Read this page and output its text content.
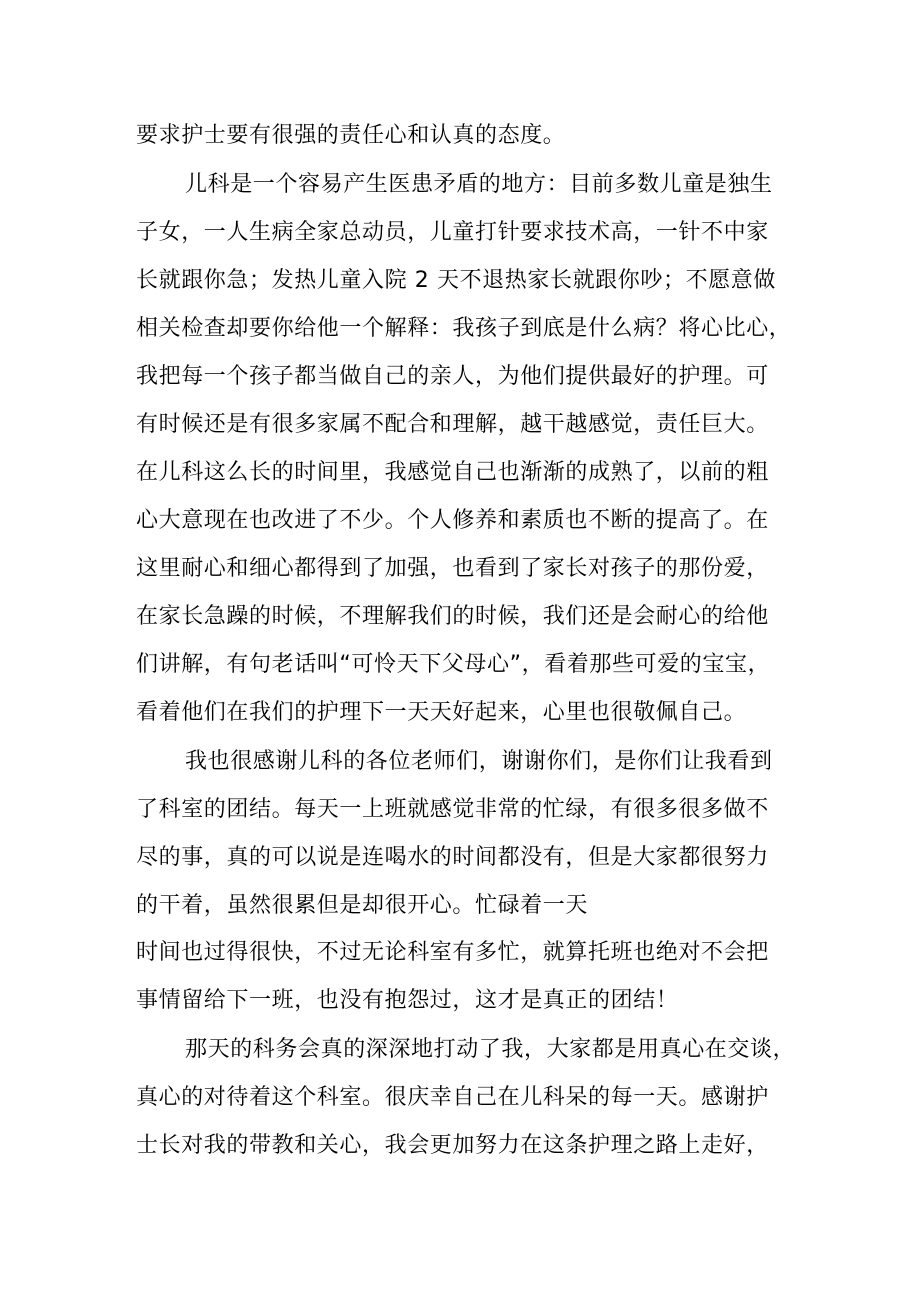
要求护士要有很强的责任心和认真的态度。
儿科是一个容易产生医患矛盾的地方：目前多数儿童是独生
子女，一人生病全家总动员，儿童打针要求技术高，一针不中家
长就跟你急；发热儿童入院 2 天不退热家长就跟你吵；不愿意做
相关检查却要你给他一个解释：我孩子到底是什么病？将心比心，
我把每一个孩子都当做自己的亲人，为他们提供最好的护理。可
有时候还是有很多家属不配合和理解，越干越感觉，责任巨大。
在儿科这么长的时间里，我感觉自己也渐渐的成熟了，以前的粗
心大意现在也改进了不少。个人修养和素质也不断的提高了。在
这里耐心和细心都得到了加强，也看到了家长对孩子的那份爱，
在家长急躁的时候，不理解我们的时候，我们还是会耐心的给他
们讲解，有句老话叫“可怜天下父母心”，看着那些可爱的宝宝，
看着他们在我们的护理下一天天好起来，心里也很敬佩自己。
我也很感谢儿科的各位老师们，谢谢你们，是你们让我看到
了科室的团结。每天一上班就感觉非常的忙绿，有很多很多做不
尽的事，真的可以说是连喝水的时间都没有，但是大家都很努力
的干着，虽然很累但是却很开心。忙碌着一天
时间也过得很快，不过无论科室有多忙，就算托班也绝对不会把
事情留给下一班，也没有抱怨过，这才是真正的团结！
那天的科务会真的深深地打动了我，大家都是用真心在交谈，
真心的对待着这个科室。很庆幸自己在儿科呆的每一天。感谢护
士长对我的带教和关心，我会更加努力在这条护理之路上走好，
